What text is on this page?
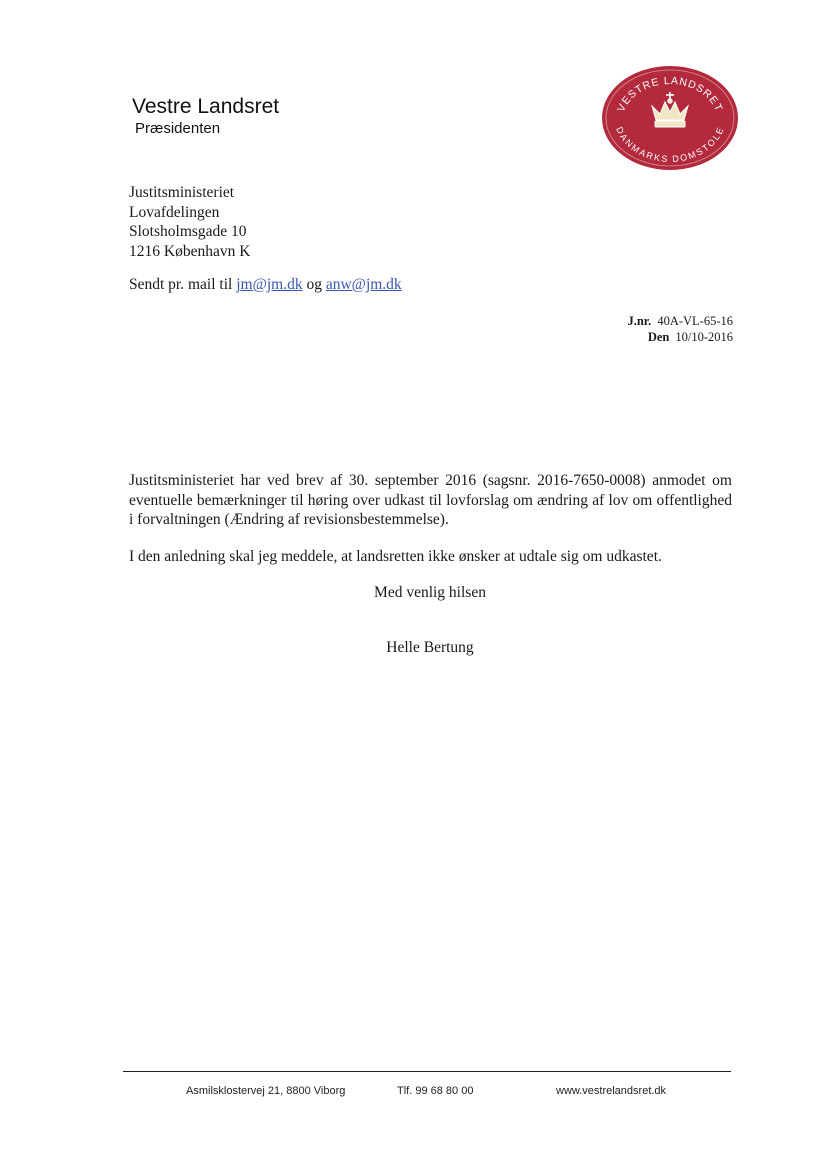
Vestre Landsret
Præsidenten
VESTRE LANDSRET
DANMARKS DOMSTOLE
Justitsministeriet
Lovafdelingen
Slotsholmsgade 10
1216 København K
Sendt pr. mail til jm@jm.dk og anw@jm.dk
J.nr. 40A-VL-65-16
Den 10/10-2016
Justitsministeriet har ved brev af 30. september 2016 (sagsnr. 2016-7650-0008) anmodet om eventuelle bemærkninger til høring over udkast til lovforslag om ændring af lov om offentlighed i forvaltningen (Ændring af revisionsbestemmelse).
I den anledning skal jeg meddele, at landsretten ikke ønsker at udtale sig om udkastet.
Med venlig hilsen
Helle Bertung
Asmilsklostervej 21, 8800 Viborg	Tlf. 99 68 80 00	www.vestrelandsret.dk
